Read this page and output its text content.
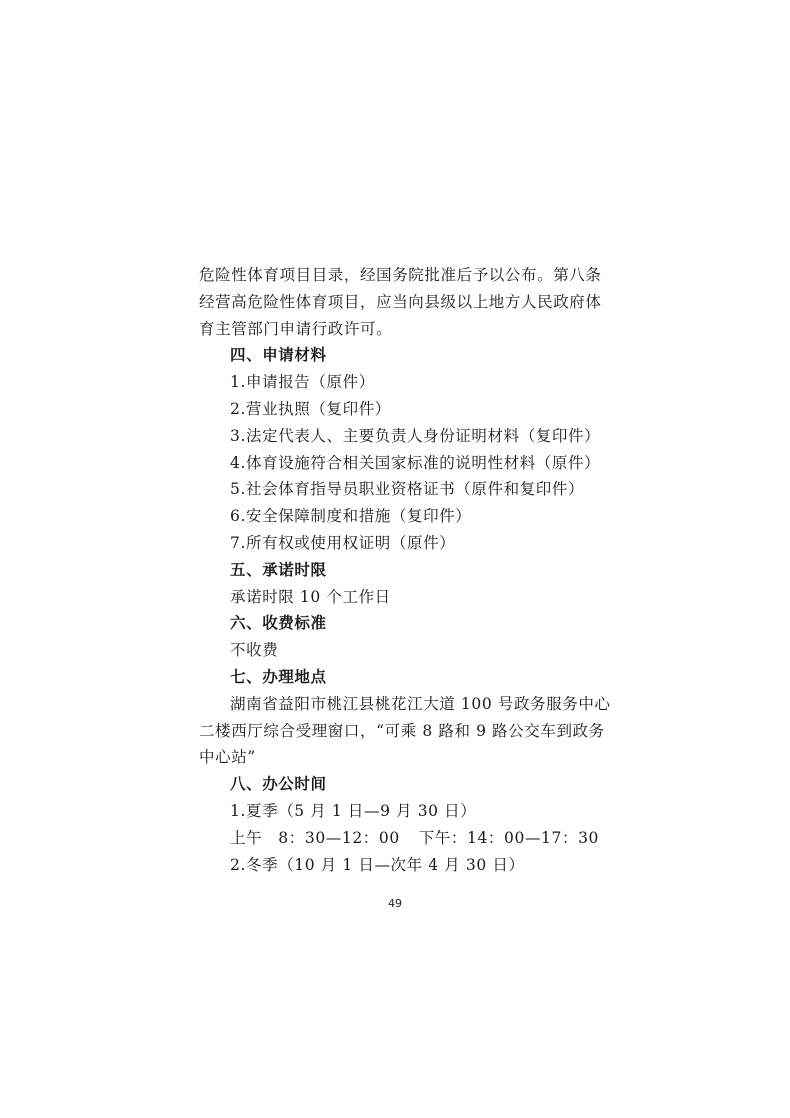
危险性体育项目目录，经国务院批准后予以公布。第八条
经营高危险性体育项目，应当向县级以上地方人民政府体
育主管部门申请行政许可。
四、申请材料
1.申请报告（原件）
2.营业执照（复印件）
3.法定代表人、主要负责人身份证明材料（复印件）
4.体育设施符合相关国家标准的说明性材料（原件）
5.社会体育指导员职业资格证书（原件和复印件）
6.安全保障制度和措施（复印件）
7.所有权或使用权证明（原件）
五、承诺时限
承诺时限 10 个工作日
六、收费标准
不收费
七、办理地点
湖南省益阳市桃江县桃花江大道 100 号政务服务中心
二楼西厅综合受理窗口，“可乘 8 路和 9 路公交车到政务
中心站”
八、办公时间
1.夏季（5 月 1 日—9 月 30 日）
上午　8：30—12：00	下午：14：00—17：30
2.冬季（10 月 1 日—次年 4 月 30 日）
49
